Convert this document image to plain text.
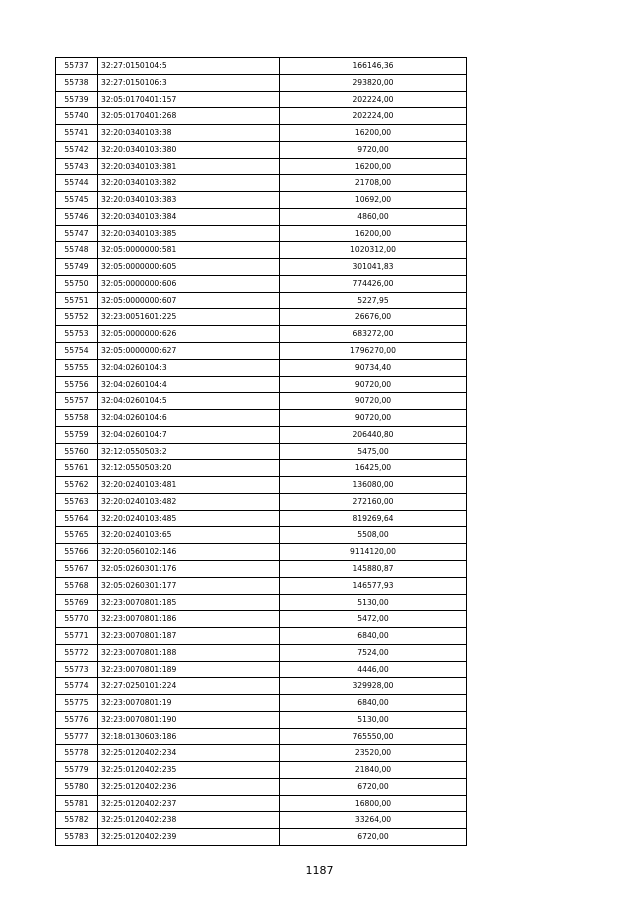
55737	32:27:0150104:5	166146,36
55738	32:27:0150106:3	293820,00
55739	32:05:0170401:157	202224,00
55740	32:05:0170401:268	202224,00
55741	32:20:0340103:38	16200,00
55742	32:20:0340103:380	9720,00
55743	32:20:0340103:381	16200,00
55744	32:20:0340103:382	21708,00
55745	32:20:0340103:383	10692,00
55746	32:20:0340103:384	4860,00
55747	32:20:0340103:385	16200,00
55748	32:05:0000000:581	1020312,00
55749	32:05:0000000:605	301041,83
55750	32:05:0000000:606	774426,00
55751	32:05:0000000:607	5227,95
55752	32:23:0051601:225	26676,00
55753	32:05:0000000:626	683272,00
55754	32:05:0000000:627	1796270,00
55755	32:04:0260104:3	90734,40
55756	32:04:0260104:4	90720,00
55757	32:04:0260104:5	90720,00
55758	32:04:0260104:6	90720,00
55759	32:04:0260104:7	206440,80
55760	32:12:0550503:2	5475,00
55761	32:12:0550503:20	16425,00
55762	32:20:0240103:481	136080,00
55763	32:20:0240103:482	272160,00
55764	32:20:0240103:485	819269,64
55765	32:20:0240103:65	5508,00
55766	32:20:0560102:146	9114120,00
55767	32:05:0260301:176	145880,87
55768	32:05:0260301:177	146577,93
55769	32:23:0070801:185	5130,00
55770	32:23:0070801:186	5472,00
55771	32:23:0070801:187	6840,00
55772	32:23:0070801:188	7524,00
55773	32:23:0070801:189	4446,00
55774	32:27:0250101:224	329928,00
55775	32:23:0070801:19	6840,00
55776	32:23:0070801:190	5130,00
55777	32:18:0130603:186	765550,00
55778	32:25:0120402:234	23520,00
55779	32:25:0120402:235	21840,00
55780	32:25:0120402:236	6720,00
55781	32:25:0120402:237	16800,00
55782	32:25:0120402:238	33264,00
55783	32:25:0120402:239	6720,00
1187
